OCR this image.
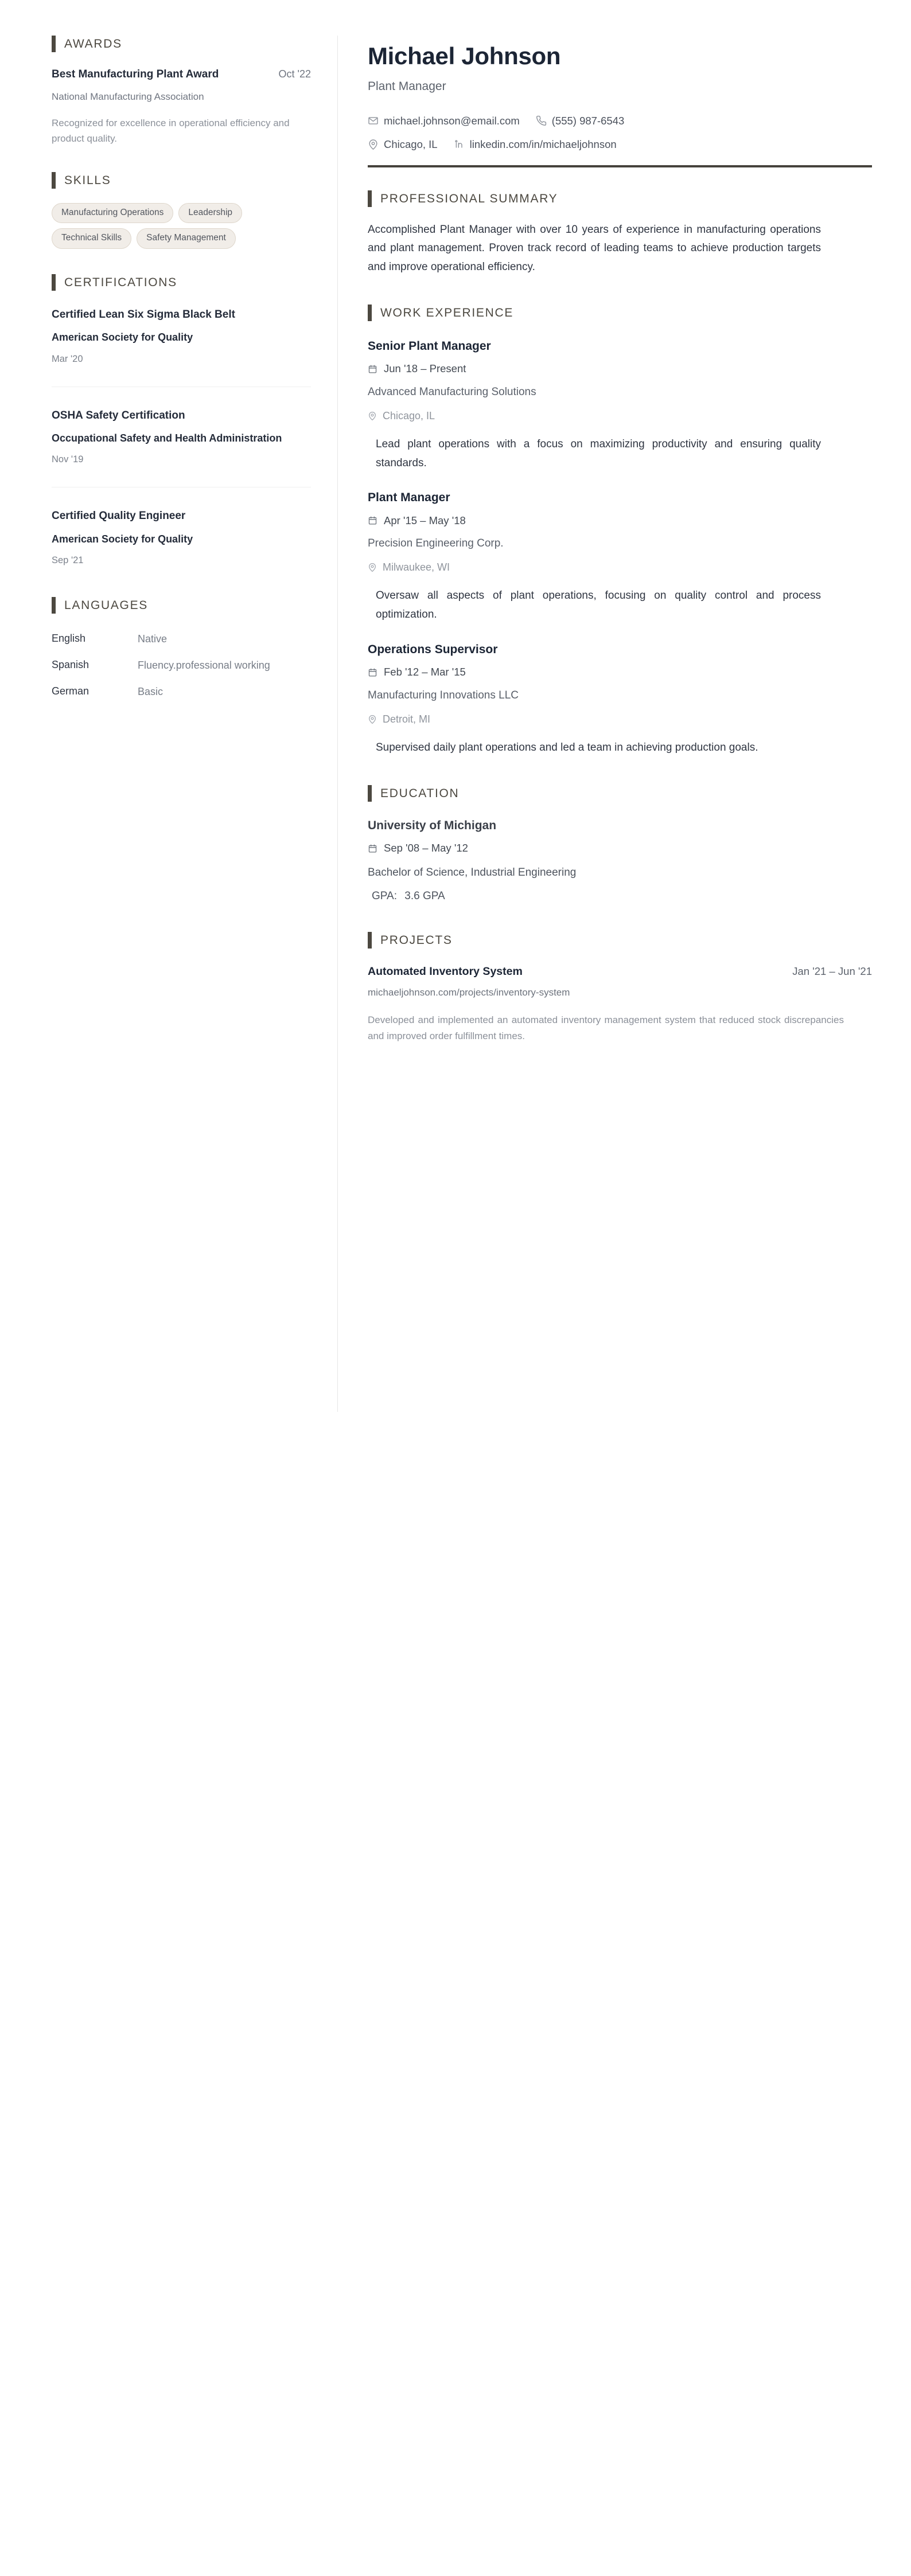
AWARDS
Best Manufacturing Plant Award	Oct '22
National Manufacturing Association
Recognized for excellence in operational efficiency and product quality.
SKILLS
Manufacturing Operations	Leadership
Technical Skills	Safety Management
CERTIFICATIONS
Certified Lean Six Sigma Black Belt
American Society for Quality
Mar '20
OSHA Safety Certification
Occupational Safety and Health Administration
Nov '19
Certified Quality Engineer
American Society for Quality
Sep '21
LANGUAGES
English	Native
Spanish	Fluency.professional working
German	Basic
Michael Johnson
Plant Manager
michael.johnson@email.com	(555) 987-6543
Chicago, IL	linkedin.com/in/michaeljohnson
PROFESSIONAL SUMMARY
Accomplished Plant Manager with over 10 years of experience in manufacturing operations and plant management. Proven track record of leading teams to achieve production targets and improve operational efficiency.
WORK EXPERIENCE
Senior Plant Manager
Jun '18 – Present
Advanced Manufacturing Solutions
Chicago, IL
Lead plant operations with a focus on maximizing productivity and ensuring quality standards.
Plant Manager
Apr '15 – May '18
Precision Engineering Corp.
Milwaukee, WI
Oversaw all aspects of plant operations, focusing on quality control and process optimization.
Operations Supervisor
Feb '12 – Mar '15
Manufacturing Innovations LLC
Detroit, MI
Supervised daily plant operations and led a team in achieving production goals.
EDUCATION
University of Michigan
Sep '08 – May '12
Bachelor of Science, Industrial Engineering
GPA: 3.6 GPA
PROJECTS
Automated Inventory System	Jan '21 – Jun '21
michaeljohnson.com/projects/inventory-system
Developed and implemented an automated inventory management system that reduced stock discrepancies and improved order fulfillment times.
